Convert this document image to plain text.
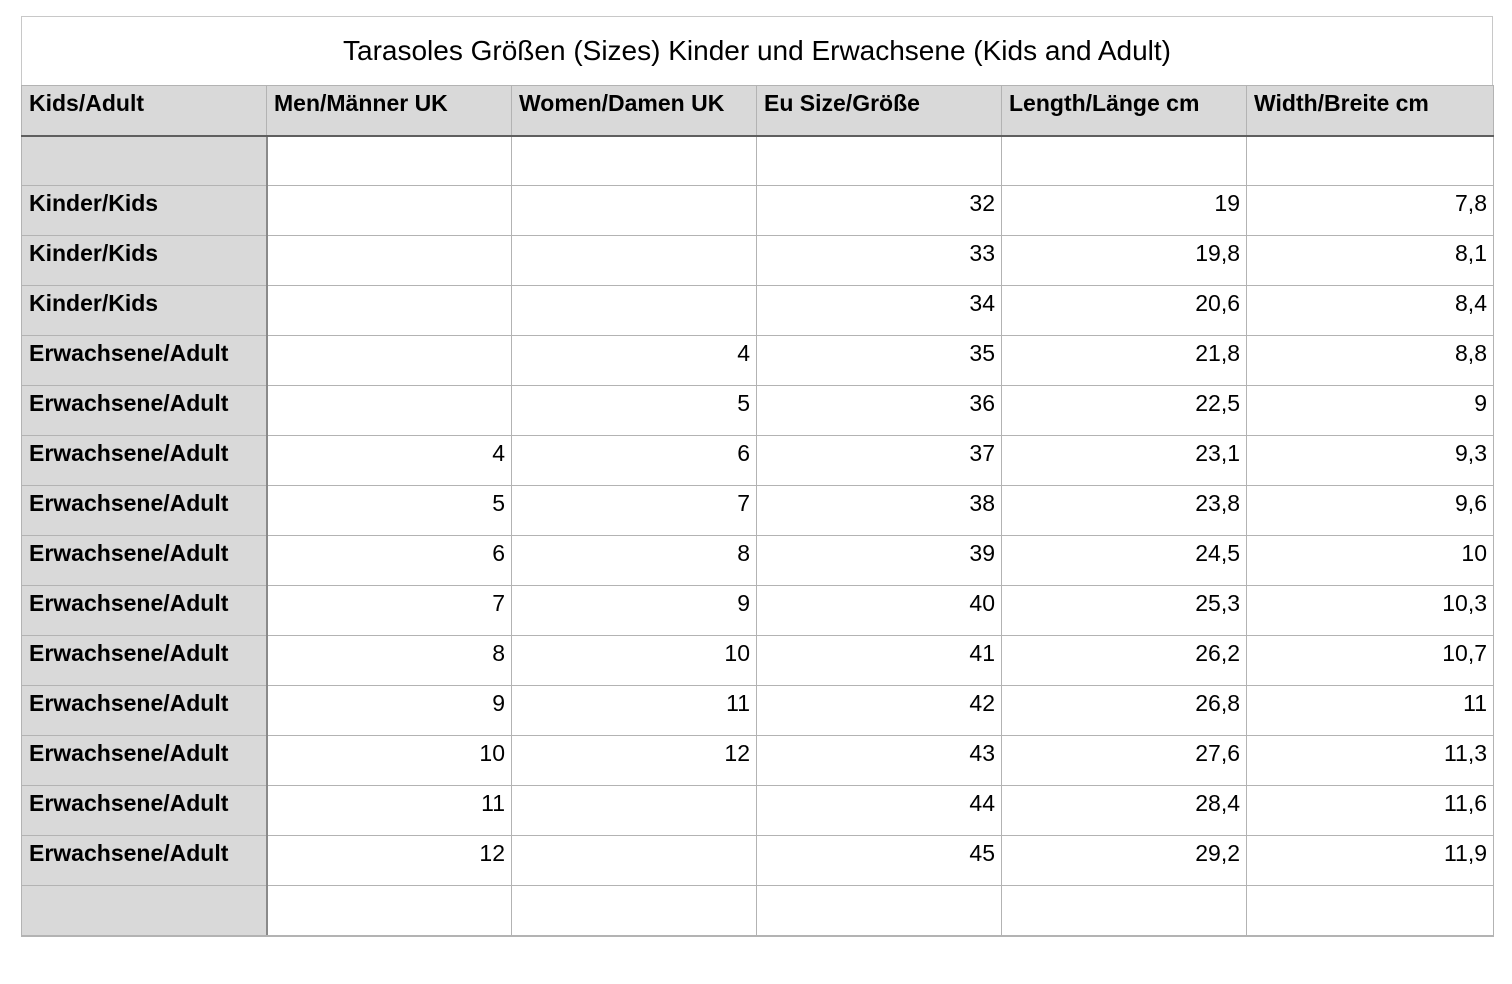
Tarasoles Größen (Sizes) Kinder und Erwachsene (Kids and Adult)
Kids/Adult	Men/Männer UK	Women/Damen UK	Eu Size/Größe	Length/Länge cm	Width/Breite cm

Kinder/Kids			32	19	7,8
Kinder/Kids			33	19,8	8,1
Kinder/Kids			34	20,6	8,4
Erwachsene/Adult		4	35	21,8	8,8
Erwachsene/Adult		5	36	22,5	9
Erwachsene/Adult	4	6	37	23,1	9,3
Erwachsene/Adult	5	7	38	23,8	9,6
Erwachsene/Adult	6	8	39	24,5	10
Erwachsene/Adult	7	9	40	25,3	10,3
Erwachsene/Adult	8	10	41	26,2	10,7
Erwachsene/Adult	9	11	42	26,8	11
Erwachsene/Adult	10	12	43	27,6	11,3
Erwachsene/Adult	11		44	28,4	11,6
Erwachsene/Adult	12		45	29,2	11,9
